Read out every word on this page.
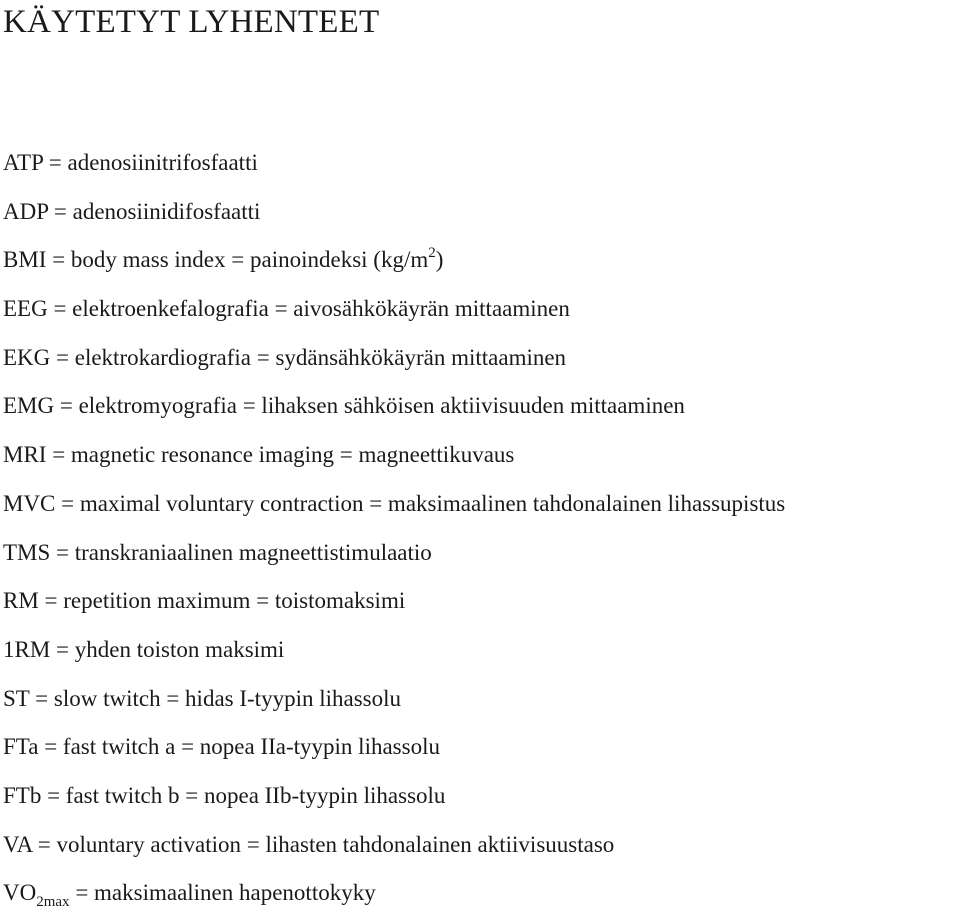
KÄYTETYT LYHENTEET
ATP = adenosiinitrifosfaatti
ADP = adenosiinidifosfaatti
BMI = body mass index = painoindeksi $(kg/m^2)$
EEG = elektroenkefalografia = aivosähkökäyrän mittaaminen
EKG = elektrokardiografia = sydänsähkökäyrän mittaaminen
EMG = elektromyografia = lihaksen sähköisen aktiivisuuden mittaaminen
MRI = magnetic resonance imaging = magneettikuvaus
MVC = maximal voluntary contraction = maksimaalinen tahdonalainen lihassupistus
TMS = transkraniaalinen magneettistimulaatio
RM = repetition maximum = toistomaksimi
1RM = yhden toiston maksimi
ST = slow twitch = hidas I-tyypin lihassolu
FTa = fast twitch a = nopea IIa-tyypin lihassolu
FTb = fast twitch b = nopea IIb-tyypin lihassolu
VA = voluntary activation = lihasten tahdonalainen aktiivisuustaso
$VO_{2max}$ = maksimaalinen hapenottokyky
